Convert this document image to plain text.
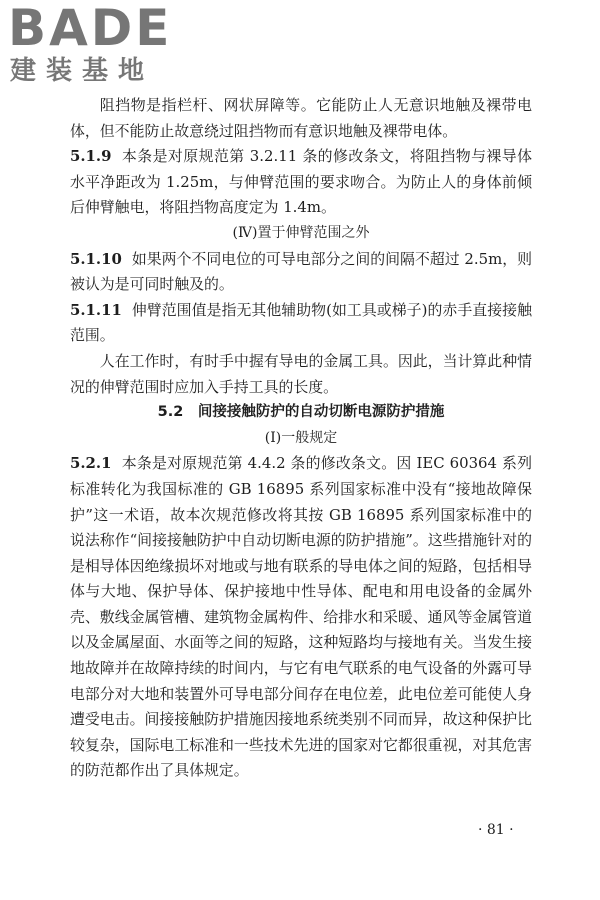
BADE
建装基地

阻挡物是指栏杆、网状屏障等。它能防止人无意识地触及裸带电体，但不能防止故意绕过阻挡物而有意识地触及裸带电体。

5.1.9 本条是对原规范第 3.2.11 条的修改条文，将阻挡物与裸导体水平净距改为 1.25m，与伸臂范围的要求吻合。为防止人的身体前倾后伸臂触电，将阻挡物高度定为 1.4m。

(Ⅳ)置于伸臂范围之外

5.1.10 如果两个不同电位的可导电部分之间的间隔不超过 2.5m，则被认为是可同时触及的。

5.1.11 伸臂范围值是指无其他辅助物(如工具或梯子)的赤手直接接触范围。

人在工作时，有时手中握有导电的金属工具。因此，当计算此种情况的伸臂范围时应加入手持工具的长度。

5.2　间接接触防护的自动切断电源防护措施

(Ⅰ)一般规定

5.2.1 本条是对原规范第 4.4.2 条的修改条文。因 IEC 60364 系列标准转化为我国标准的 GB 16895 系列国家标准中没有“接地故障保护”这一术语，故本次规范修改将其按 GB 16895 系列国家标准中的说法称作“间接接触防护中自动切断电源的防护措施”。这些措施针对的是相导体因绝缘损坏对地或与地有联系的导电体之间的短路，包括相导体与大地、保护导体、保护接地中性导体、配电和用电设备的金属外壳、敷线金属管槽、建筑物金属构件、给排水和采暖、通风等金属管道以及金属屋面、水面等之间的短路，这种短路均与接地有关。当发生接地故障并在故障持续的时间内，与它有电气联系的电气设备的外露可导电部分对大地和装置外可导电部分间存在电位差，此电位差可能使人身遭受电击。间接接触防护措施因接地系统类别不同而异，故这种保护比较复杂，国际电工标准和一些技术先进的国家对它都很重视，对其危害的防范都作出了具体规定。

· 81 ·
